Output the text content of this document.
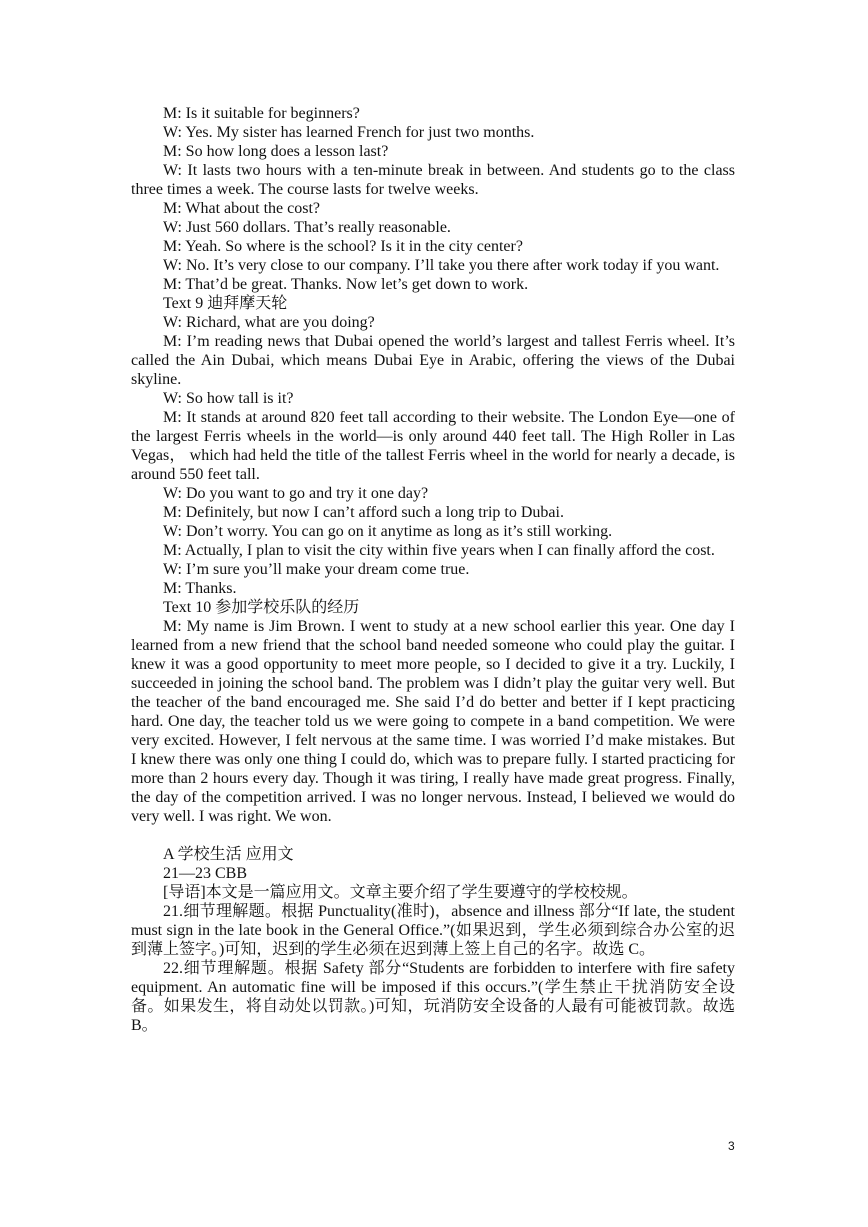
M: Is it suitable for beginners?

W: Yes. My sister has learned French for just two months.

M: So how long does a lesson last?

W: It lasts two hours with a ten-minute break in between. And students go to the class three times a week. The course lasts for twelve weeks.

M: What about the cost?

W: Just 560 dollars. That’s really reasonable.

M: Yeah. So where is the school? Is it in the city center?

W: No. It’s very close to our company. I’ll take you there after work today if you want.

M: That’d be great. Thanks. Now let’s get down to work.

Text 9 迪拜摩天轮

W: Richard, what are you doing?

M: I’m reading news that Dubai opened the world’s largest and tallest Ferris wheel. It’s called the Ain Dubai, which means Dubai Eye in Arabic, offering the views of the Dubai skyline.

W: So how tall is it?

M: It stands at around 820 feet tall according to their website. The London Eye—one of the largest Ferris wheels in the world—is only around 440 feet tall. The High Roller in Las Vegas， which had held the title of the tallest Ferris wheel in the world for nearly a decade, is around 550 feet tall.

W: Do you want to go and try it one day?

M: Definitely, but now I can’t afford such a long trip to Dubai.

W: Don’t worry. You can go on it anytime as long as it’s still working.

M: Actually, I plan to visit the city within five years when I can finally afford the cost.

W: I’m sure you’ll make your dream come true.

M: Thanks.

Text 10 参加学校乐队的经历

M: My name is Jim Brown. I went to study at a new school earlier this year. One day I learned from a new friend that the school band needed someone who could play the guitar. I knew it was a good opportunity to meet more people, so I decided to give it a try. Luckily, I succeeded in joining the school band. The problem was I didn’t play the guitar very well. But the teacher of the band encouraged me. She said I’d do better and better if I kept practicing hard. One day, the teacher told us we were going to compete in a band competition. We were very excited. However, I felt nervous at the same time. I was worried I’d make mistakes. But I knew there was only one thing I could do, which was to prepare fully. I started practicing for more than 2 hours every day. Though it was tiring, I really have made great progress. Finally, the day of the competition arrived. I was no longer nervous. Instead, I believed we would do very well. I was right. We won.

A 学校生活 应用文

21—23 CBB

[导语]本文是一篇应用文。文章主要介绍了学生要遵守的学校校规。

21.细节理解题。根据 Punctuality(准时)，absence and illness 部分“If late, the student must sign in the late book in the General Office.”(如果迟到，学生必须到综合办公室的迟到薄上签字。)可知，迟到的学生必须在迟到薄上签上自己的名字。故选 C。

22.细节理解题。根据 Safety 部分“Students are forbidden to interfere with fire safety equipment. An automatic fine will be imposed if this occurs.”(学生禁止干扰消防安全设备。如果发生，将自动处以罚款。)可知，玩消防安全设备的人最有可能被罚款。故选 B。

3
